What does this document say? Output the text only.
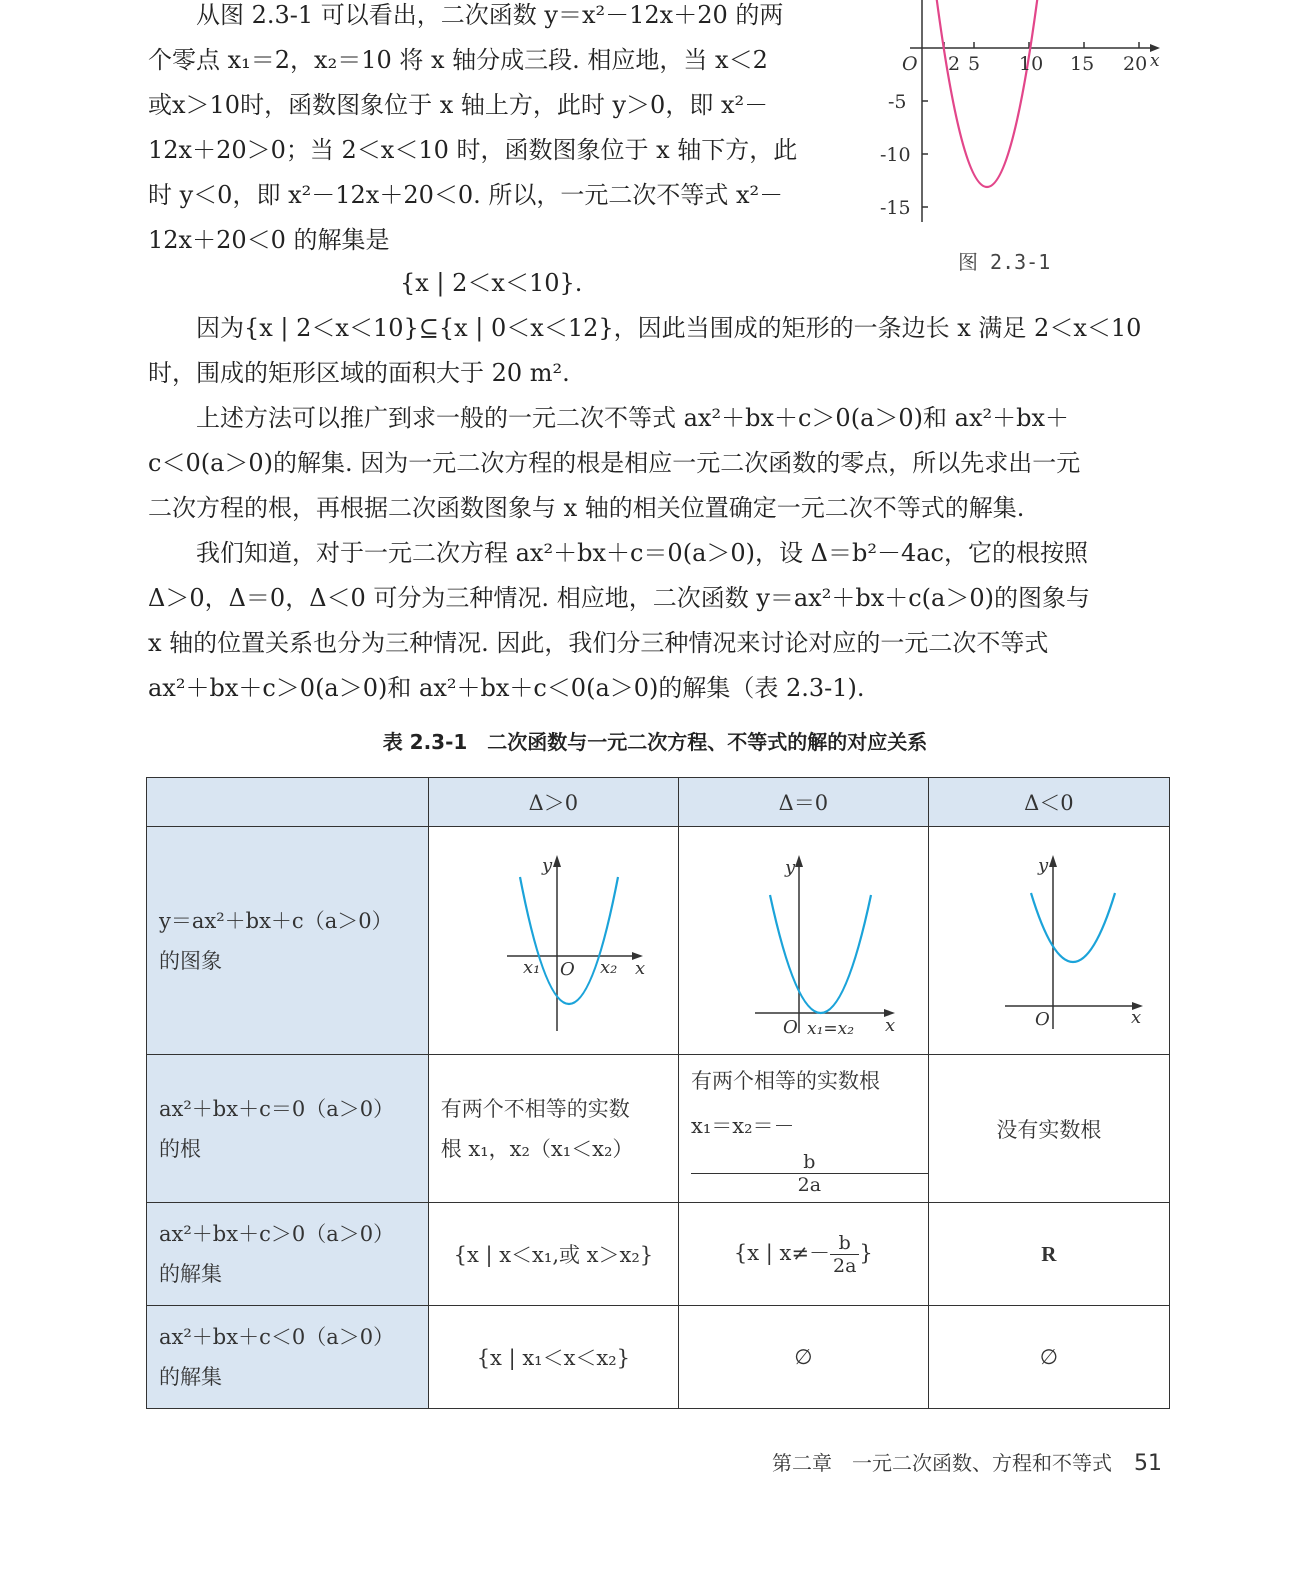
　　从图 2.3-1 可以看出，二次函数 y＝x²－12x＋20 的两
个零点 x₁＝2，x₂＝10 将 x 轴分成三段. 相应地，当 x＜2
或x＞10时，函数图象位于 x 轴上方，此时 y＞0，即 x²－
12x＋20＞0；当 2＜x＜10 时，函数图象位于 x 轴下方，此
时 y＜0，即 x²－12x＋20＜0. 所以，一元二次不等式 x²－
12x＋20＜0 的解集是
{x | 2＜x＜10}.
O 2 5 10 15 20 x
-5
-10
-15
图 2.3-1
　　因为{x | 2＜x＜10}⊆{x | 0＜x＜12}，因此当围成的矩形的一条边长 x 满足 2＜x＜10
时，围成的矩形区域的面积大于 20 m².
　　上述方法可以推广到求一般的一元二次不等式 ax²＋bx＋c＞0(a＞0)和 ax²＋bx＋
c＜0(a＞0)的解集. 因为一元二次方程的根是相应一元二次函数的零点，所以先求出一元
二次方程的根，再根据二次函数图象与 x 轴的相关位置确定一元二次不等式的解集.
　　我们知道，对于一元二次方程 ax²＋bx＋c＝0(a＞0)，设 Δ＝b²－4ac，它的根按照
Δ＞0，Δ＝0，Δ＜0 可分为三种情况. 相应地，二次函数 y＝ax²＋bx＋c(a＞0)的图象与
x 轴的位置关系也分为三种情况. 因此，我们分三种情况来讨论对应的一元二次不等式
ax²＋bx＋c＞0(a＞0)和 ax²＋bx＋c＜0(a＞0)的解集（表 2.3-1).
表 2.3-1　二次函数与一元二次方程、不等式的解的对应关系
	Δ＞0	Δ＝0	Δ＜0

y＝ax²＋bx＋c（a＞0）
的图象	y
x
O
x₁ x₂	y
x
O x₁=x₂	y
x
O

ax²＋bx＋c＝0（a＞0）
的根	有两个不相等的实数
根 x₁，x₂（x₁＜x₂）	有两个相等的实数根
x₁＝x₂＝－
b
2a	没有实数根

ax²＋bx＋c＞0（a＞0）
的解集	{x | x＜x₁,或 x＞x₂}	{x | $x\ne- \frac{b}{2a}$ }	R

ax²＋bx＋c＜0（a＞0）
的解集	{x | x₁＜x＜x₂}	∅	∅
第二章　一元二次函数、方程和不等式 51
